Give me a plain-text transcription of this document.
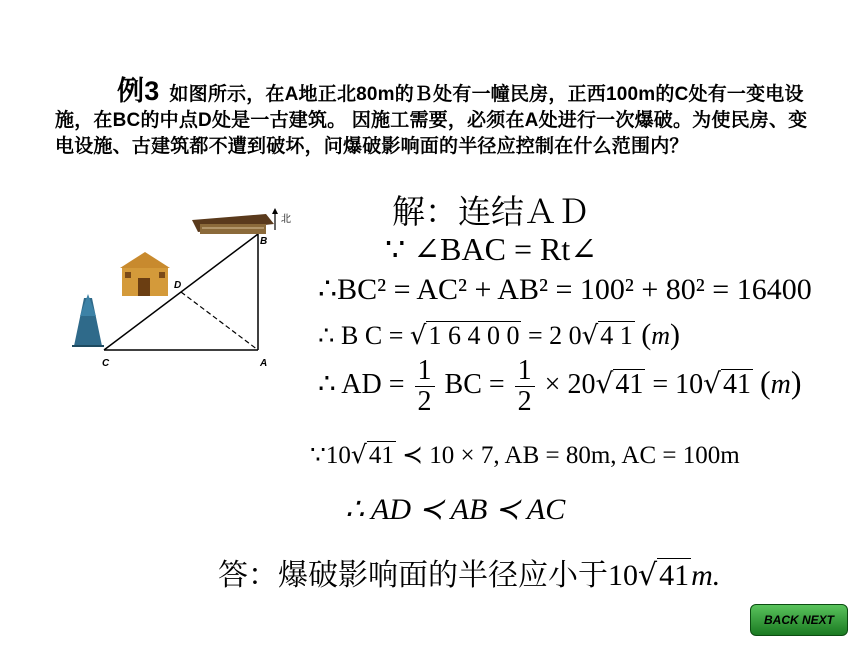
例3 如图所示，在A地正北80m的Ｂ处有一幢民房，正西100m的C处有一变电设施，在BC的中点D处是一古建筑。 因施工需要，必须在A处进行一次爆破。为使民房、变电设施、古建筑都不遭到破坏，问爆破影响面的半径应控制在什么范围内？
北
B
A
C
D
解：连结ＡＤ
∵ ∠BAC = Rt∠
∴BC² = AC² + AB² = 100² + 80² = 16400
∴ B C = √1 6 4 0 0 = 2 0√4 1 (m)
∴ AD = $\frac{1}{2}$ BC = $\frac{1}{2} \times 20√41 = 10√41$ (m)
∵10√41 ≺ 10 × 7, AB = 80m, AC = 100m
∴ AD ≺ AB ≺ AC
答：爆破影响面的半径应小于10√41m.
BACK NEXT
